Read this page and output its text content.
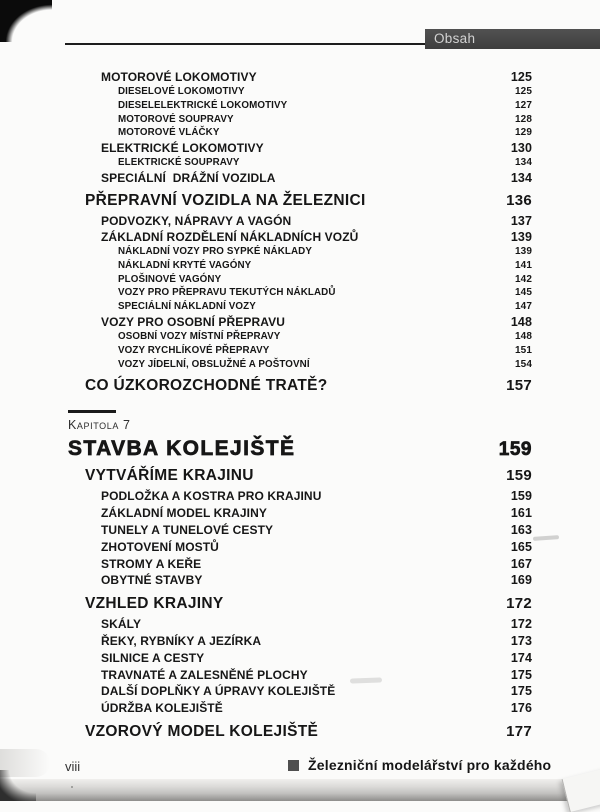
Obsah
MOTOROVÉ LOKOMOTIVY	125
DIESELOVÉ LOKOMOTIVY	125
DIESELELEKTRICKÉ LOKOMOTIVY	127
MOTOROVÉ SOUPRAVY	128
MOTOROVÉ VLÁČKY	129
ELEKTRICKÉ LOKOMOTIVY	130
ELEKTRICKÉ SOUPRAVY	134
SPECIÁLNÍ  DRÁŽNÍ VOZIDLA	134
PŘEPRAVNÍ VOZIDLA NA ŽELEZNICI	136
PODVOZKY, NÁPRAVY A VAGÓN	137
ZÁKLADNÍ ROZDĚLENÍ NÁKLADNÍCH VOZŮ	139
NÁKLADNÍ VOZY PRO SYPKÉ NÁKLADY	139
NÁKLADNÍ KRYTÉ VAGÓNY	141
PLOŠINOVÉ VAGÓNY	142
VOZY PRO PŘEPRAVU TEKUTÝCH NÁKLADŮ	145
SPECIÁLNÍ NÁKLADNÍ VOZY	147
VOZY PRO OSOBNÍ PŘEPRAVU	148
OSOBNÍ VOZY MÍSTNÍ PŘEPRAVY	148
VOZY RYCHLÍKOVÉ PŘEPRAVY	151
VOZY JÍDELNÍ, OBSLUŽNÉ A POŠTOVNÍ	154
CO ÚZKOROZCHODNÉ TRATĚ?	157
Kapitola 7
STAVBA KOLEJIŠTĚ	159
VYTVÁŘÍME KRAJINU	159
PODLOŽKA A KOSTRA PRO KRAJINU	159
ZÁKLADNÍ MODEL KRAJINY	161
TUNELY A TUNELOVÉ CESTY	163
ZHOTOVENÍ MOSTŮ	165
STROMY A KEŘE	167
OBYTNÉ STAVBY	169
VZHLED KRAJINY	172
SKÁLY	172
ŘEKY, RYBNÍKY A JEZÍRKA	173
SILNICE A CESTY	174
TRAVNATÉ A ZALESNĚNÉ PLOCHY	175
DALŠÍ DOPLŇKY A ÚPRAVY KOLEJIŠTĚ	175
ÚDRŽBA KOLEJIŠTĚ	176
VZOROVÝ MODEL KOLEJIŠTĚ	177
viii	Železniční modelářství pro každého
